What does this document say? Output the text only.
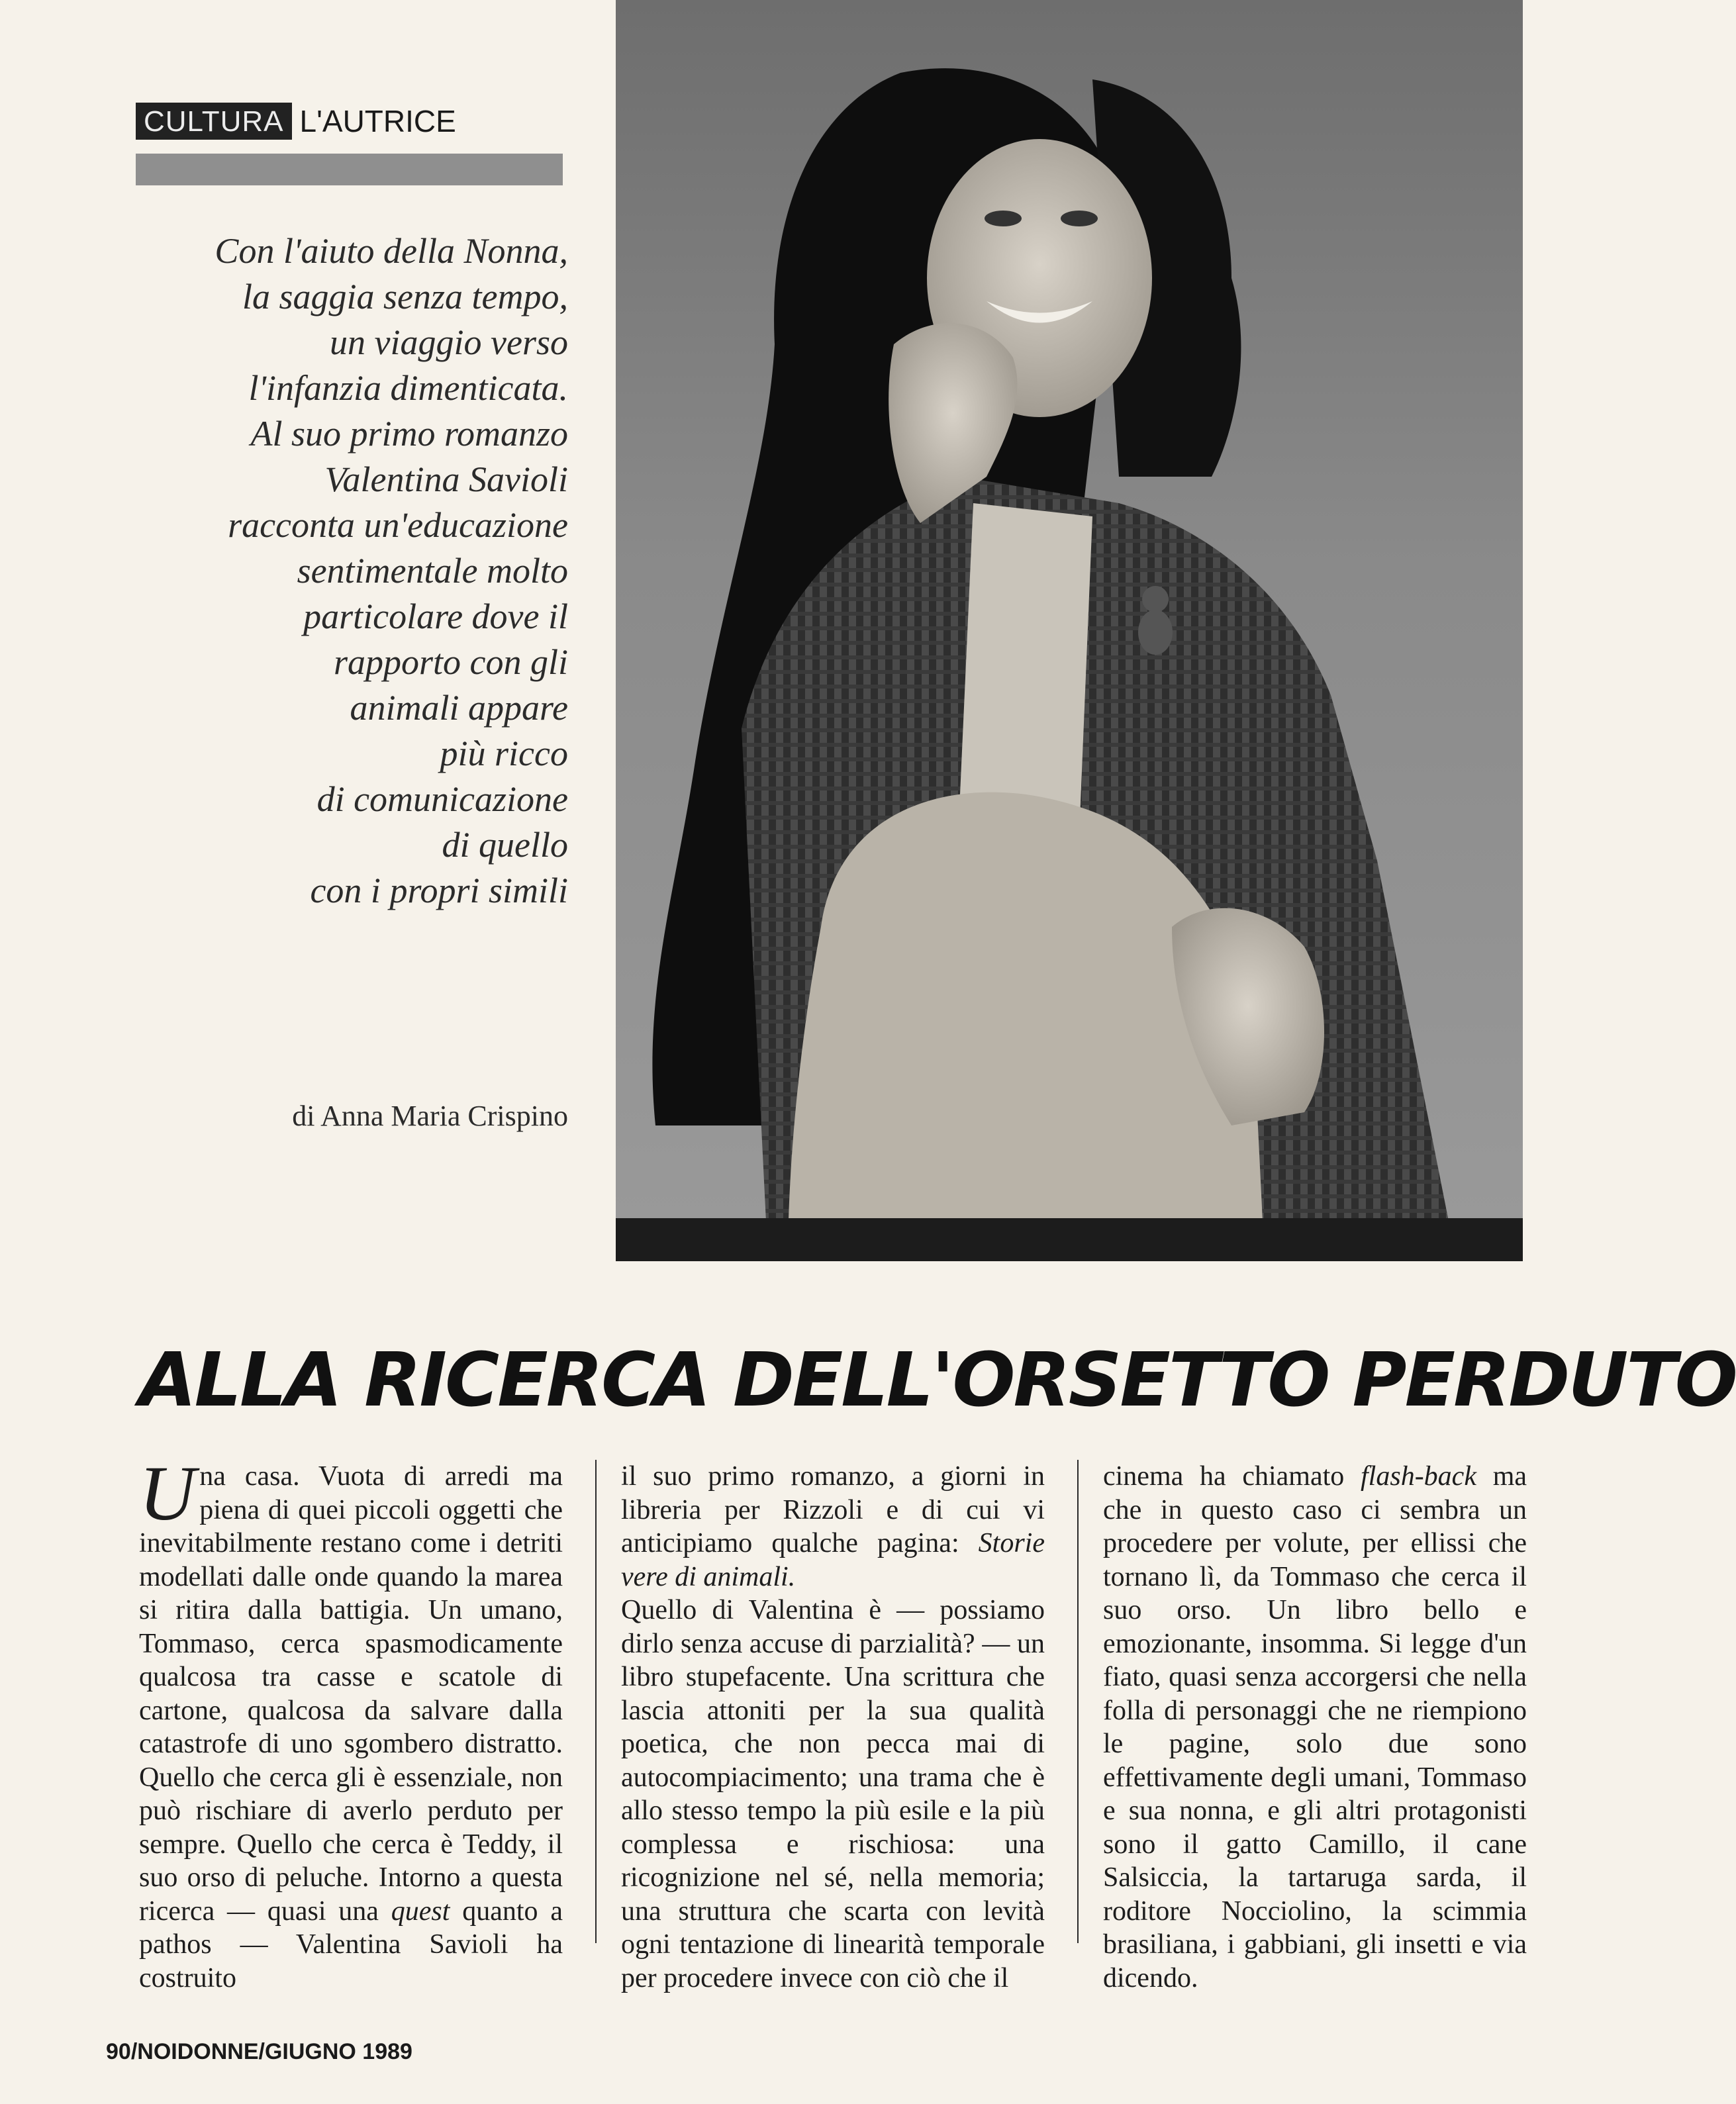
CULTURA L'AUTRICE
Con l'aiuto della Nonna,
la saggia senza tempo,
un viaggio verso
l'infanzia dimenticata.
Al suo primo romanzo
Valentina Savioli
racconta un'educazione
sentimentale molto
particolare dove il
rapporto con gli
animali appare
più ricco
di comunicazione
di quello
con i propri simili
di Anna Maria Crispino
ALLA RICERCA DELL'ORSETTO PERDUTO
U na casa. Vuota di arredi ma piena di quei piccoli oggetti che inevitabilmente restano come i detriti modellati dalle onde quando la marea si ritira dalla battigia. Un umano, Tommaso, cerca spasmodicamente qualcosa tra casse e scatole di cartone, qualcosa da salvare dalla catastrofe di uno sgombero distratto. Quello che cerca gli è essenziale, non può rischiare di averlo perduto per sempre. Quello che cerca è Teddy, il suo orso di peluche. Intorno a questa ricerca — quasi una quest quanto a pathos — Valentina Savioli ha costruito

il suo primo romanzo, a giorni in libreria per Rizzoli e di cui vi anticipiamo qualche pagina: Storie vere di animali.

Quello di Valentina è — possiamo dirlo senza accuse di parzialità? — un libro stupefacente. Una scrittura che lascia attoniti per la sua qualità poetica, che non pecca mai di autocompiacimento; una trama che è allo stesso tempo la più esile e la più complessa e rischiosa: una ricognizione nel sé, nella memoria; una struttura che scarta con levità ogni tentazione di linearità temporale per procedere invece con ciò che il

cinema ha chiamato flash-back ma che in questo caso ci sembra un procedere per volute, per ellissi che tornano lì, da Tommaso che cerca il suo orso. Un libro bello e emozionante, insomma. Si legge d'un fiato, quasi senza accorgersi che nella folla di personaggi che ne riempiono le pagine, solo due sono effettivamente degli umani, Tommaso e sua nonna, e gli altri protagonisti sono il gatto Camillo, il cane Salsiccia, la tartaruga sarda, il roditore Nocciolino, la scimmia brasiliana, i gabbiani, gli insetti e via dicendo.

90/NOIDONNE/GIUGNO 1989
